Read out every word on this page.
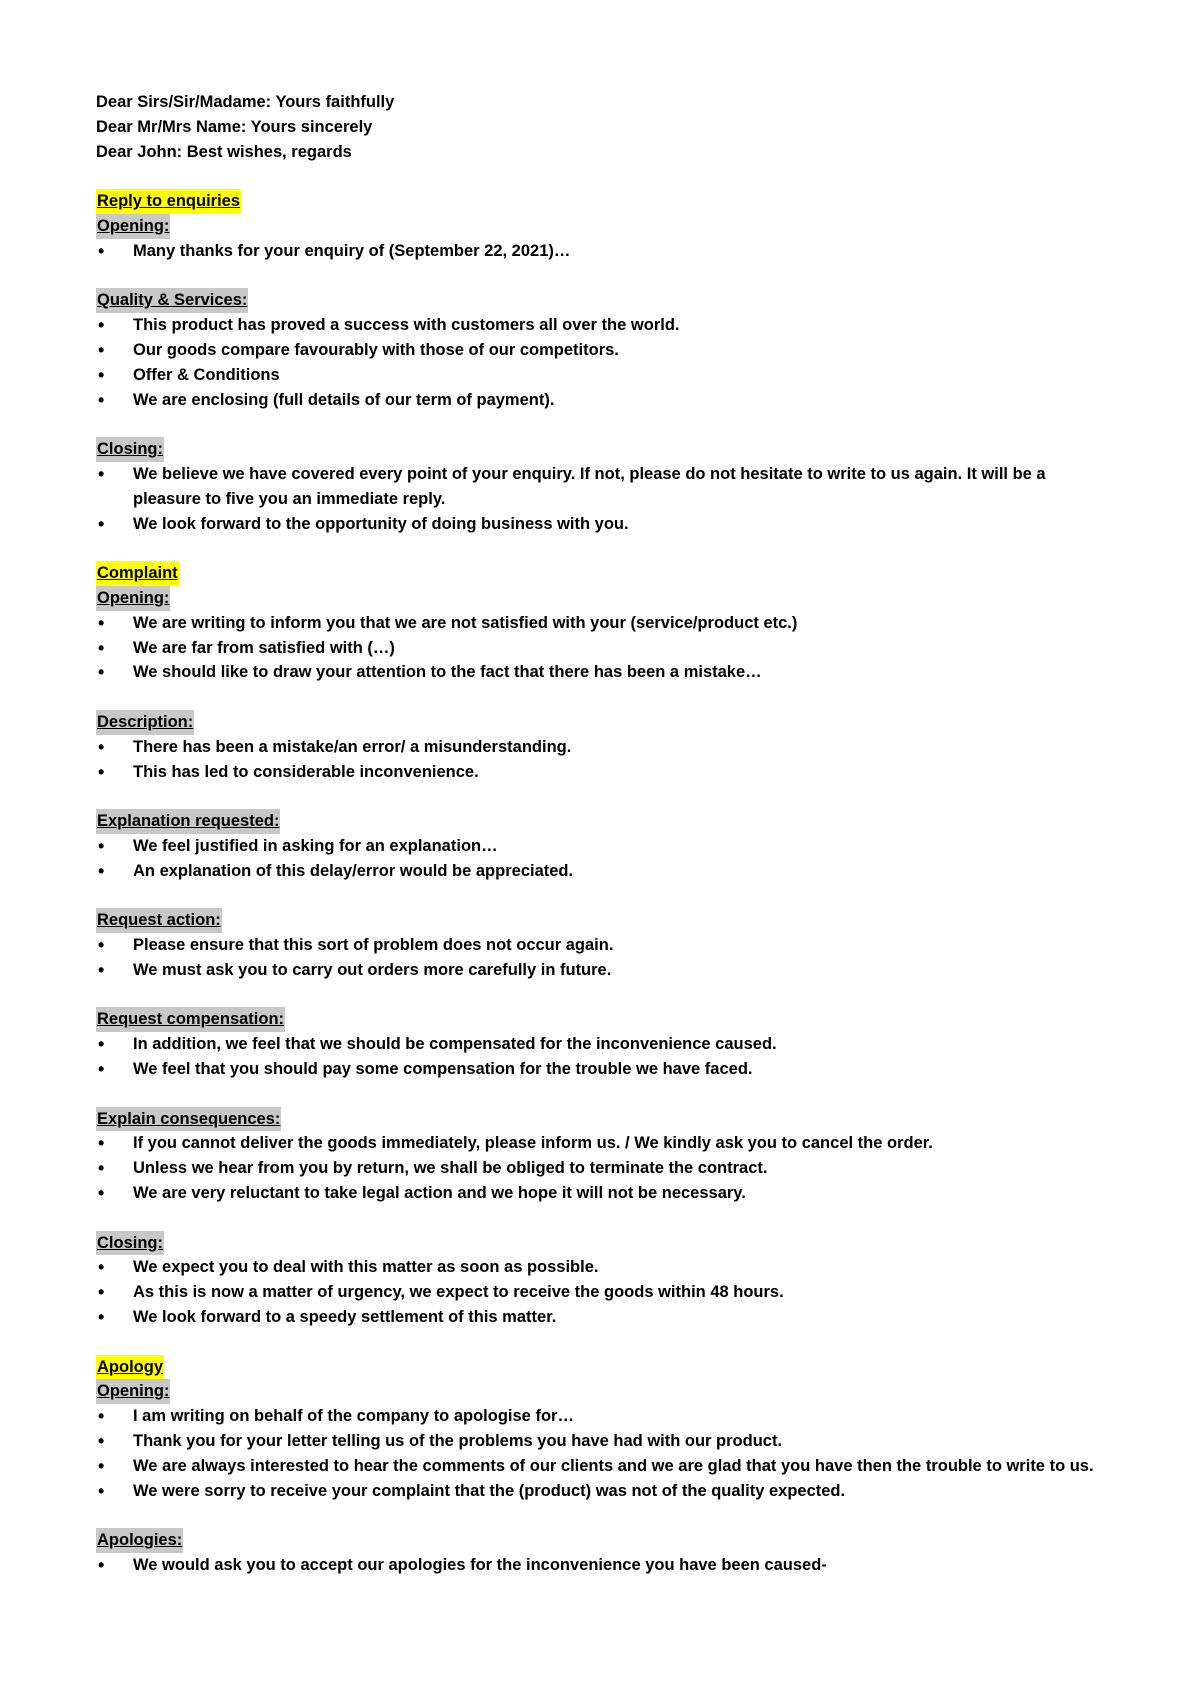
Dear Sirs/Sir/Madame: Yours faithfully

Dear Mr/Mrs Name: Yours sincerely

Dear John: Best wishes, regards

Reply to enquiries
Opening:
• Many thanks for your enquiry of (September 22, 2021)…
Quality & Services:
• This product has proved a success with customers all over the world.
• Our goods compare favourably with those of our competitors.
• Offer & Conditions
• We are enclosing (full details of our term of payment).
Closing:
• We believe we have covered every point of your enquiry. If not, please do not hesitate to write to us again. It will be a pleasure to five you an immediate reply.
• We look forward to the opportunity of doing business with you.
Complaint
Opening:
• We are writing to inform you that we are not satisfied with your (service/product etc.)
• We are far from satisfied with (…)
• We should like to draw your attention to the fact that there has been a mistake…
Description:
• There has been a mistake/an error/ a misunderstanding.
• This has led to considerable inconvenience.
Explanation requested:
• We feel justified in asking for an explanation…
• An explanation of this delay/error would be appreciated.
Request action:
• Please ensure that this sort of problem does not occur again.
• We must ask you to carry out orders more carefully in future.
Request compensation:
• In addition, we feel that we should be compensated for the inconvenience caused.
• We feel that you should pay some compensation for the trouble we have faced.
Explain consequences:
• If you cannot deliver the goods immediately, please inform us. / We kindly ask you to cancel the order.
• Unless we hear from you by return, we shall be obliged to terminate the contract.
• We are very reluctant to take legal action and we hope it will not be necessary.
Closing:
• We expect you to deal with this matter as soon as possible.
• As this is now a matter of urgency, we expect to receive the goods within 48 hours.
• We look forward to a speedy settlement of this matter.
Apology
Opening:
• I am writing on behalf of the company to apologise for…
• Thank you for your letter telling us of the problems you have had with our product.
• We are always interested to hear the comments of our clients and we are glad that you have then the trouble to write to us.
• We were sorry to receive your complaint that the (product) was not of the quality expected.
Apologies:
• We would ask you to accept our apologies for the inconvenience you have been caused-
